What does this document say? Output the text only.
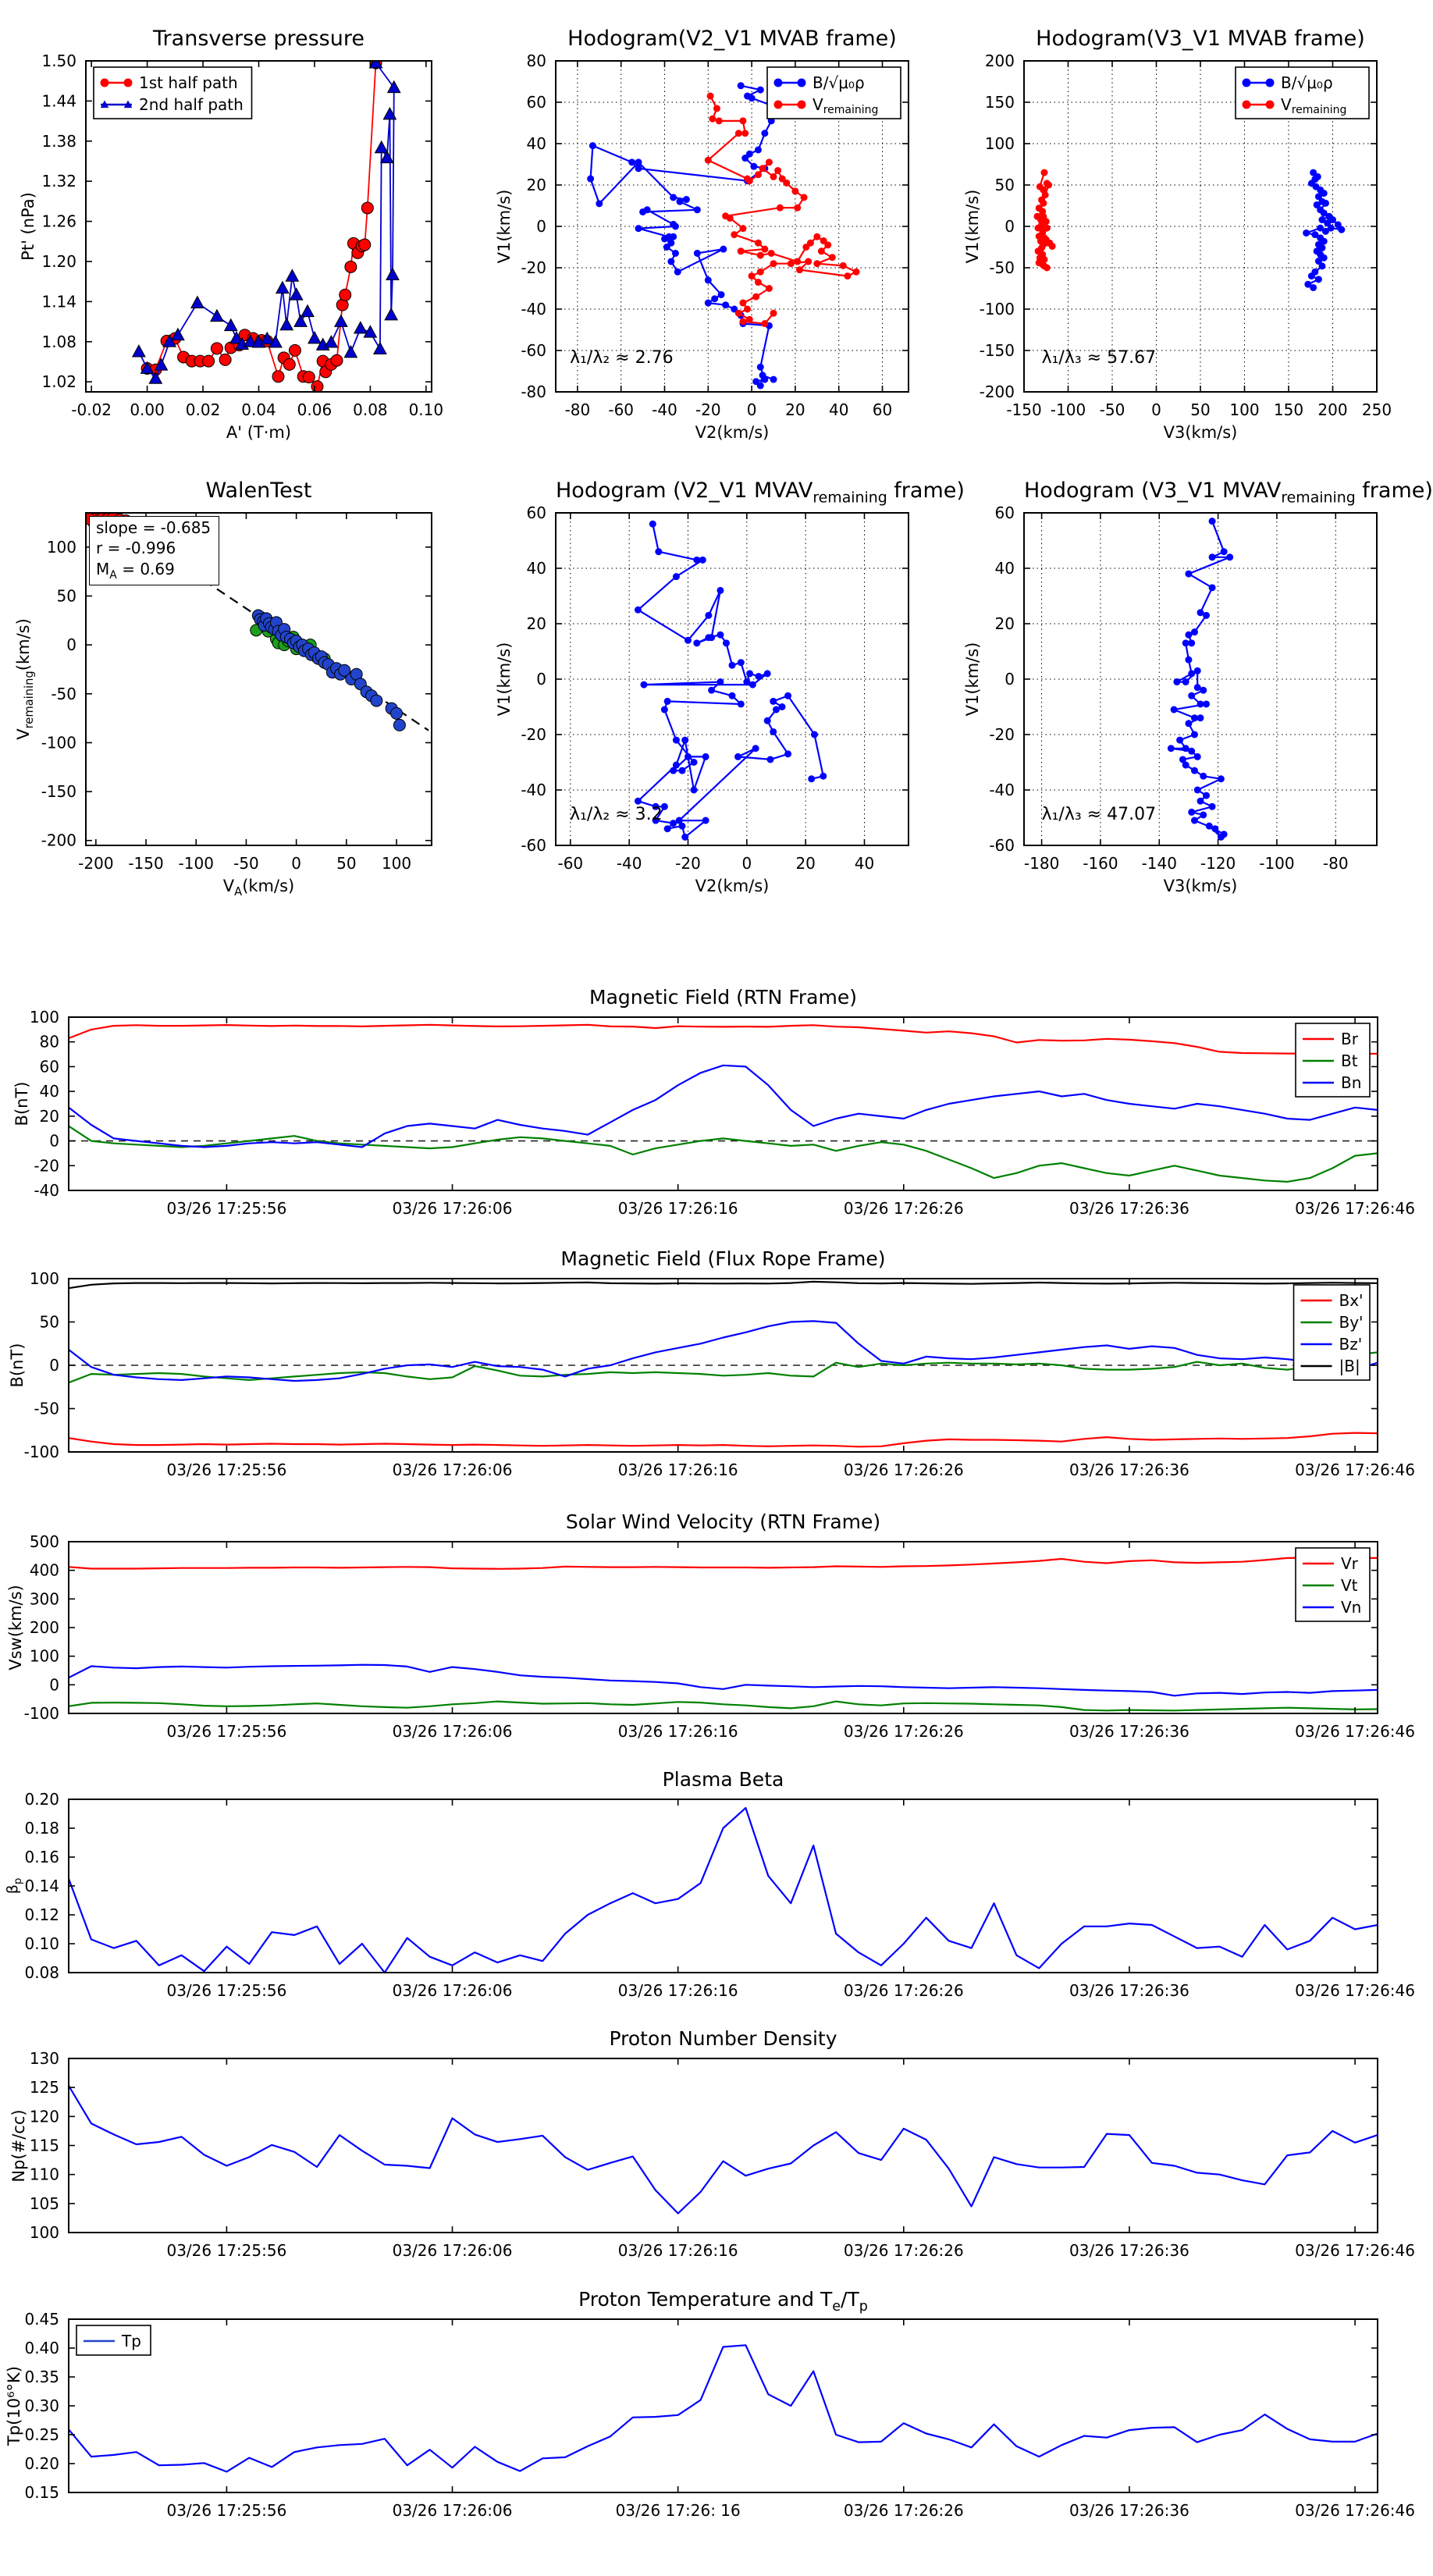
Transverse pressure
Pt' (nPa)
A' (T·m)
-0.02 0.00 0.02 0.04 0.06 0.08 0.10
1.02
1.08
1.14
1.20
1.26
1.32
1.38
1.44
1.50
1st half path
2nd half path
Hodogram(V2_V1 MVAB frame)
V1(km/s)
V2(km/s)
-80 -60 -40 -20 0 20 40 60
-80
-60
-40
-20
0
20
40
60
80
B/√μ₀ρ
$V_{remaining}$
λ₁/λ₂ ≈ 2.76
Hodogram(V3_V1 MVAB frame)
V1(km/s)
V3(km/s)
-150 -100 -50 0 50 100 150 200 250
-200
-150
-100
-50
0
50
100
150
200
B/√μ₀ρ
$V_{remaining}$
λ₁/λ₃ ≈ 57.67
WalenTest
$V_{remaining}(km/s)$
$V_A(km/s)$
-200 -150 -100 -50 0 50 100
-200
-150
-100
-50
0
50
100
slope = -0.685
r = -0.996
$M_A = 0.69$
Hodogram (V2_V1 $MVAV_{remaining}$ frame)
V1(km/s)
V2(km/s)
-60 -40 -20	0	20 40
-60
-40
-20
0
20
40
60
λ₁/λ₂ ≈ 3.2
Hodogram (V3_V1 $MVAV_{remaining}$ frame)
V1(km/s)
V3(km/s)
-180 -160 -140 -120 -100 -80
-60
-40
-20
0
20
40
60
λ₁/λ₃ ≈ 47.07
Magnetic Field (RTN Frame)
B(nT)
03/26 17:25:56	03/26 17:26:06	03/26 17:26:16	03/26 17:26:26	03/26 17:26:36	03/26 17:26:46
-40
-20
0
20
40
60
80
100
Br
Bt
Bn
Magnetic Field (Flux Rope Frame)
B(nT)
03/26 17:25:56	03/26 17:26:06	03/26 17:26:16	03/26 17:26:26	03/26 17:26:36	03/26 17:26:46
-100
-50
0
50
100
Bx'
By'
Bz'
|B|
Solar Wind Velocity (RTN Frame)
Vsw(km/s)
03/26 17:25:56	03/26 17:26:06	03/26 17:26:16	03/26 17:26:26	03/26 17:26:36	03/26 17:26:46
-100
0
100
200
300
400
500
Vr
Vt
Vn
Plasma Beta
$\beta_p$
03/26 17:25:56	03/26 17:26:06	03/26 17:26:16	03/26 17:26:26	03/26 17:26:36	03/26 17:26:46
0.08
0.10
0.12
0.14
0.16
0.18
0.20
Proton Number Density
Np(#/cc)
03/26 17:25:56	03/26 17:26:06	03/26 17:26:16	03/26 17:26:26	03/26 17:26:36	03/26 17:26:46
100
105
110
115
120
125
130
Proton Temperature and $T_e/T_p$
Tp(10⁶°K)
03/26 17:25:56	03/26 17:26:06	03/26 17:26: 16	03/26 17:26:26	03/26 17:26:36	03/26 17:26:46
0.15
0.20
0.25
0.30
0.35
0.40
0.45
Tp
